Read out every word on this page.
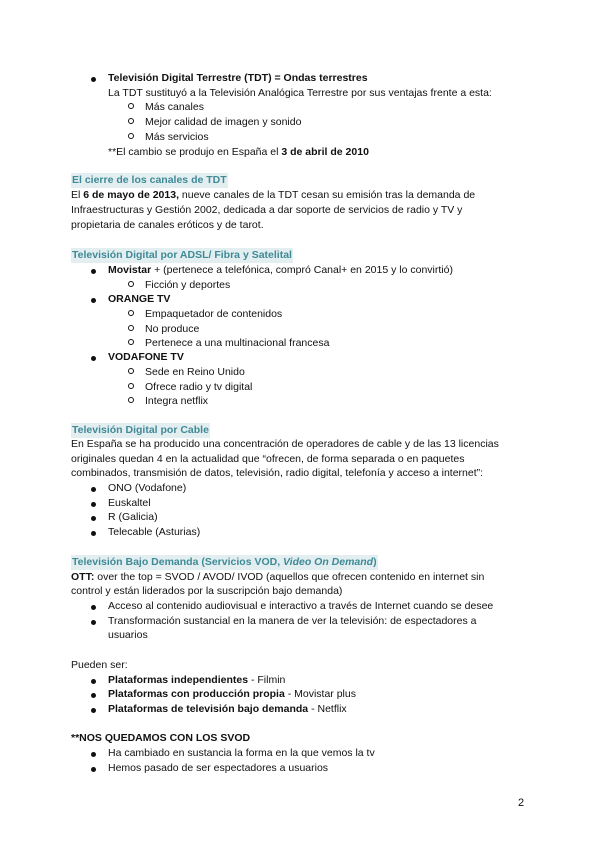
Televisión Digital Terrestre (TDT) = Ondas terrestres
La TDT sustituyó a la Televisión Analógica Terrestre por sus ventajas frente a esta:
Más canales
Mejor calidad de imagen y sonido
Más servicios
**El cambio se produjo en España el 3 de abril de 2010
El cierre de los canales de TDT
El 6 de mayo de 2013, nueve canales de la TDT cesan su emisión tras la demanda de
Infraestructuras y Gestión 2002, dedicada a dar soporte de servicios de radio y TV y
propietaria de canales eróticos y de tarot.
Televisión Digital por ADSL/ Fibra y Satelital
Movistar + (pertenece a telefónica, compró Canal+ en 2015 y lo convirtió)
Ficción y deportes
ORANGE TV
Empaquetador de contenidos
No produce
Pertenece a una multinacional francesa
VODAFONE TV
Sede en Reino Unido
Ofrece radio y tv digital
Integra netflix
Televisión Digital por Cable
En España se ha producido una concentración de operadores de cable y de las 13 licencias
originales quedan 4 en la actualidad que “ofrecen, de forma separada o en paquetes
combinados, transmisión de datos, televisión, radio digital, telefonía y acceso a internet”:
ONO (Vodafone)
Euskaltel
R (Galicia)
Telecable (Asturias)
Televisión Bajo Demanda (Servicios VOD, Video On Demand)
OTT: over the top = SVOD / AVOD/ IVOD (aquellos que ofrecen contenido en internet sin
control y están liderados por la suscripción bajo demanda)
Acceso al contenido audiovisual e interactivo a través de Internet cuando se desee
Transformación sustancial en la manera de ver la televisión: de espectadores a
usuarios
Pueden ser:
Plataformas independientes - Filmin
Plataformas con producción propia - Movistar plus
Plataformas de televisión bajo demanda - Netflix
**NOS QUEDAMOS CON LOS SVOD
Ha cambiado en sustancia la forma en la que vemos la tv
Hemos pasado de ser espectadores a usuarios
2
